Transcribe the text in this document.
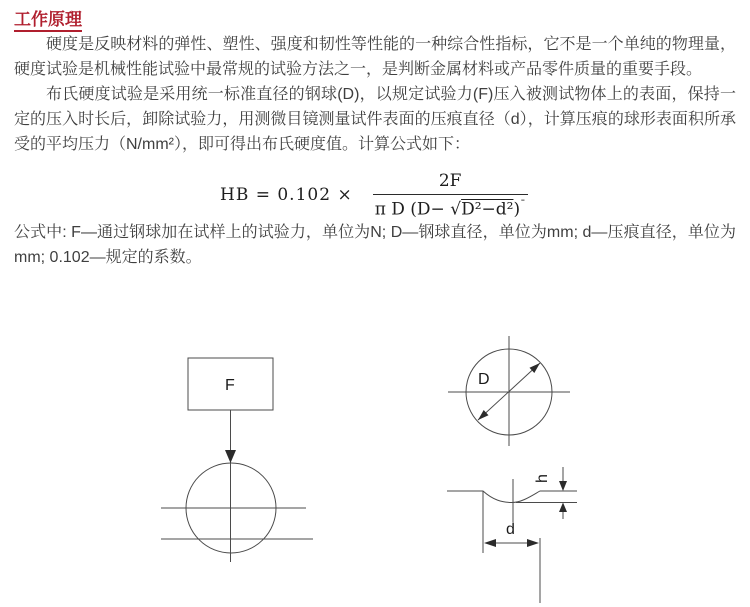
工作原理

硬度是反映材料的弹性、塑性、强度和韧性等性能的一种综合性指标，它不是一个单纯的物理量，硬度试验是机械性能试验中最常规的试验方法之一，是判断金属材料或产品零件质量的重要手段。

布氏硬度试验是采用统一标准直径的钢球(D)，以规定试验力(F)压入被测试物体上的表面，保持一定的压入时长后，卸除试验力，用测微目镜测量试件表面的压痕直径（d），计算压痕的球形表面积所承受的平均压力（N/mm²），即可得出布氏硬度值。计算公式如下：

HB = $0.102 \times \frac{2F}{\pi D (D- √D^2-d^2)^¯}$

公式中: F—通过钢球加在试样上的试验力，单位为N; D—钢球直径，单位为mm; d—压痕直径，单位为mm; 0.102—规定的系数。

F	D
h
d
